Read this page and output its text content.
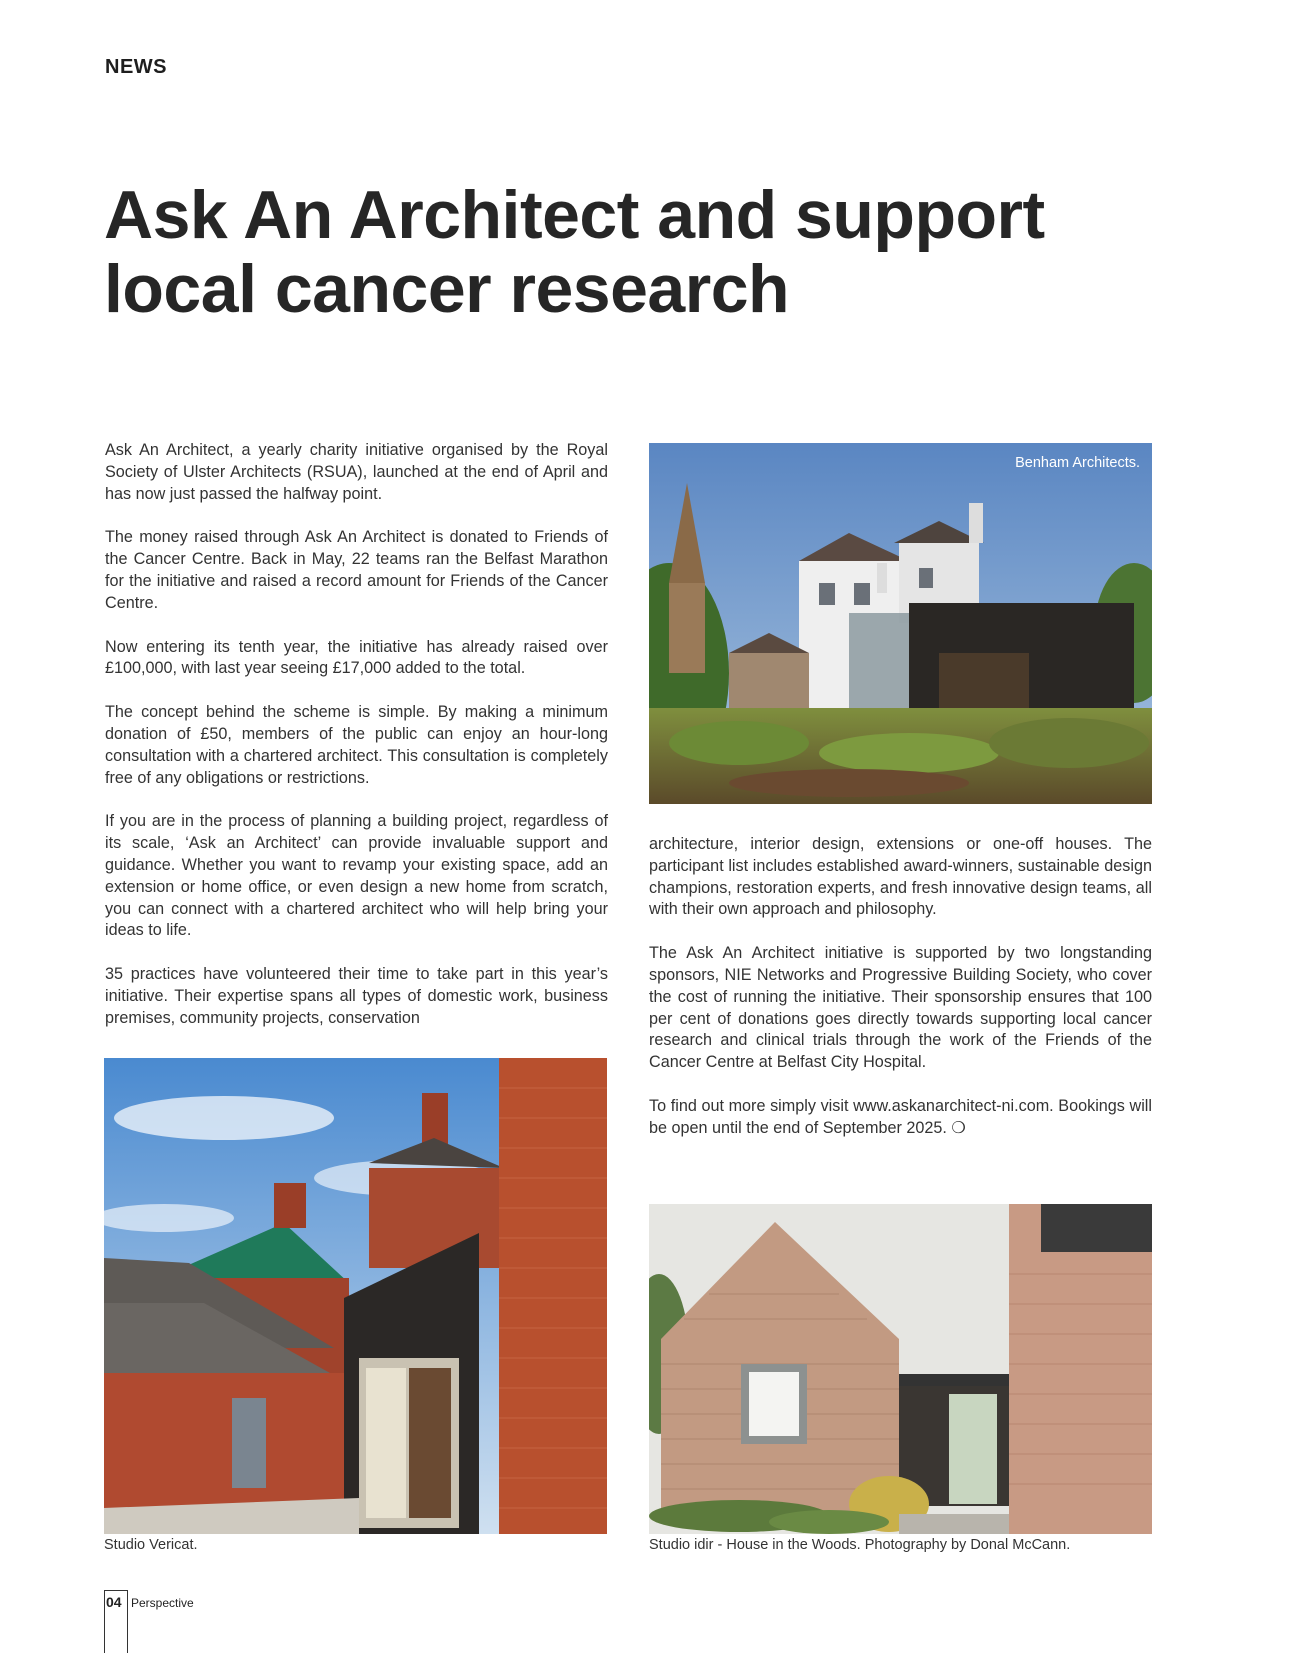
NEWS
Ask An Architect and support local cancer research

Ask An Architect, a yearly charity initiative organised by the Royal Society of Ulster Architects (RSUA), launched at the end of April and has now just passed the halfway point.

The money raised through Ask An Architect is donated to Friends of the Cancer Centre. Back in May, 22 teams ran the Belfast Marathon for the initiative and raised a record amount for Friends of the Cancer Centre.

Now entering its tenth year, the initiative has already raised over £100,000, with last year seeing £17,000 added to the total.

The concept behind the scheme is simple. By making a minimum donation of £50, members of the public can enjoy an hour-long consultation with a chartered architect. This consultation is completely free of any obligations or restrictions.

If you are in the process of planning a building project, regardless of its scale, ‘Ask an Architect’ can provide invaluable support and guidance. Whether you want to revamp your existing space, add an extension or home office, or even design a new home from scratch, you can connect with a chartered architect who will help bring your ideas to life.

35 practices have volunteered their time to take part in this year’s initiative. Their expertise spans all types of domestic work, business premises, community projects, conservation

architecture, interior design, extensions or one-off houses. The participant list includes established award-winners, sustainable design champions, restoration experts, and fresh innovative design teams, all with their own approach and philosophy.

The Ask An Architect initiative is supported by two longstanding sponsors, NIE Networks and Progressive Building Society, who cover the cost of running the initiative. Their sponsorship ensures that 100 per cent of donations goes directly towards supporting local cancer research and clinical trials through the work of the Friends of the Cancer Centre at Belfast City Hospital.

To find out more simply visit www.askanarchitect-ni.com. Bookings will be open until the end of September 2025. ❍

Benham Architects.
Studio Vericat.	Studio idir - House in the Woods. Photography by Donal McCann.
04 Perspective
